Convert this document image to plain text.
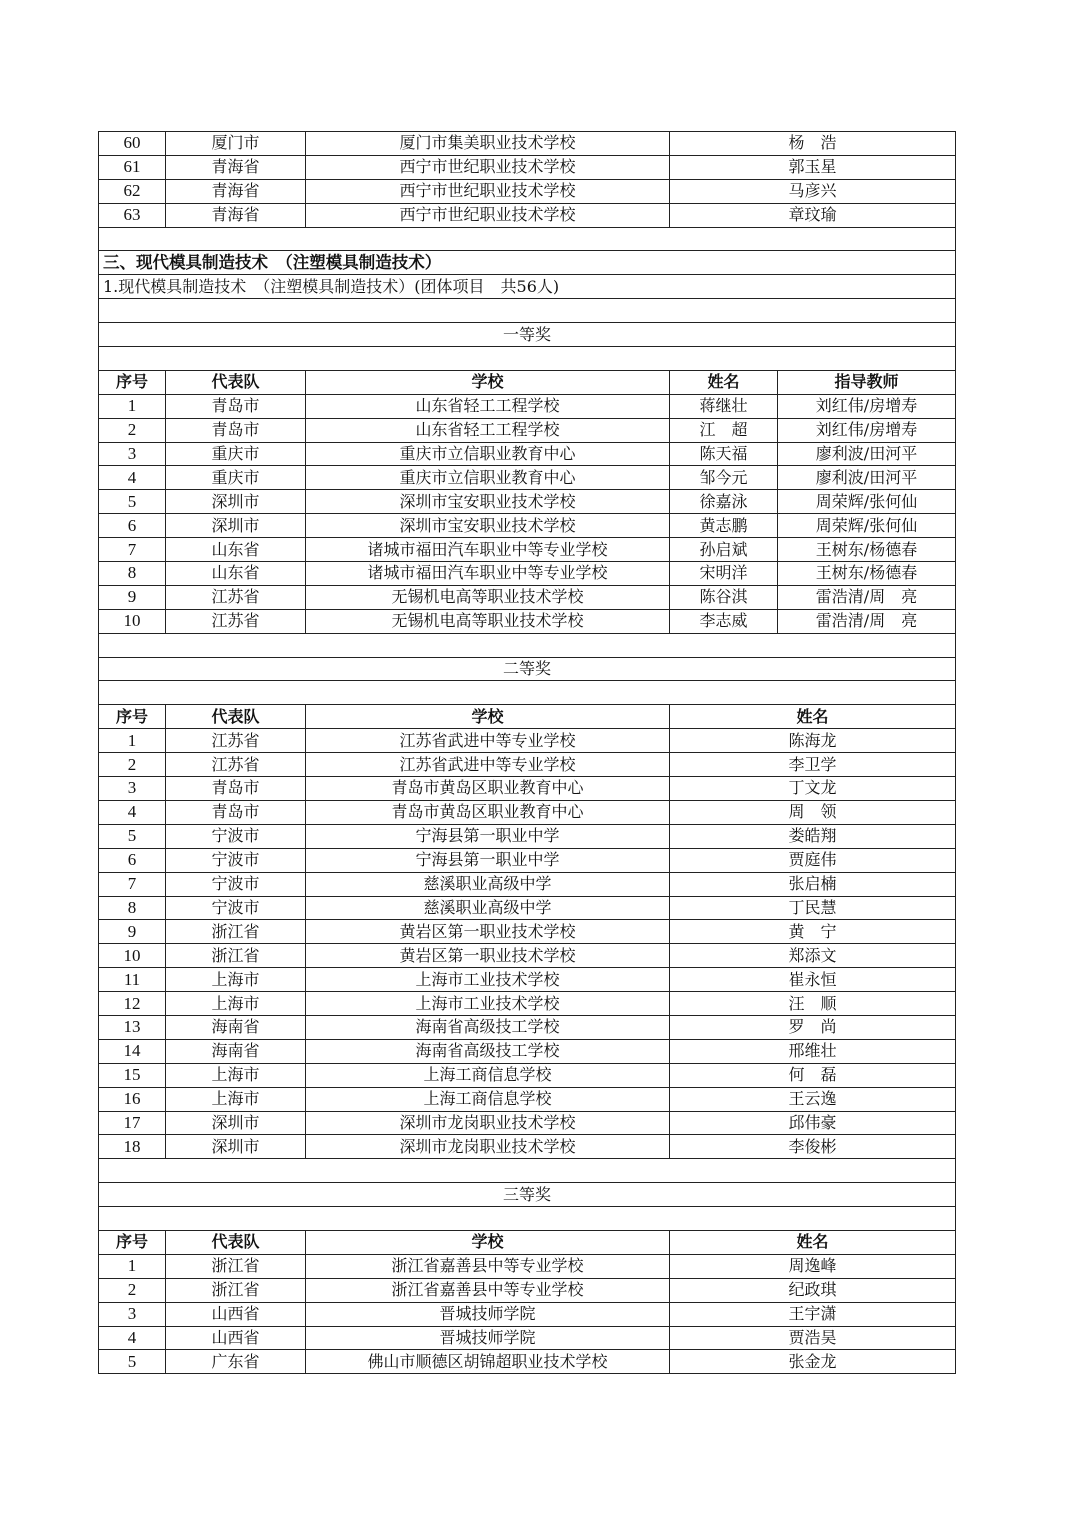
60	厦门市	厦门市集美职业技术学校	杨　浩	
61	青海省	西宁市世纪职业技术学校	郭玉星	
62	青海省	西宁市世纪职业技术学校	马彦兴	
63	青海省	西宁市世纪职业技术学校	章玟瑜	

三、现代模具制造技术　（注塑模具制造技术）				
1.现代模具制造技术　（注塑模具制造技术）(团体项目　共56人)				

一等奖				

序号	代表队	学校	姓名	指导教师
1	青岛市	山东省轻工工程学校	蒋继壮	刘红伟/房增寿
2	青岛市	山东省轻工工程学校	江　超	刘红伟/房增寿
3	重庆市	重庆市立信职业教育中心	陈天福	廖利波/田河平
4	重庆市	重庆市立信职业教育中心	邹今元	廖利波/田河平
5	深圳市	深圳市宝安职业技术学校	徐嘉泳	周荣辉/张何仙
6	深圳市	深圳市宝安职业技术学校	黄志鹏	周荣辉/张何仙
7	山东省	诸城市福田汽车职业中等专业学校	孙启斌	王树东/杨德春
8	山东省	诸城市福田汽车职业中等专业学校	宋明洋	王树东/杨德春
9	江苏省	无锡机电高等职业技术学校	陈谷淇	雷浩清/周　亮
10	江苏省	无锡机电高等职业技术学校	李志威	雷浩清/周　亮

二等奖				

序号	代表队	学校	姓名	
1	江苏省	江苏省武进中等专业学校	陈海龙	
2	江苏省	江苏省武进中等专业学校	李卫学	
3	青岛市	青岛市黄岛区职业教育中心	丁文龙	
4	青岛市	青岛市黄岛区职业教育中心	周　领	
5	宁波市	宁海县第一职业中学	娄皓翔	
6	宁波市	宁海县第一职业中学	贾庭伟	
7	宁波市	慈溪职业高级中学	张启楠	
8	宁波市	慈溪职业高级中学	丁民慧	
9	浙江省	黄岩区第一职业技术学校	黄　宁	
10	浙江省	黄岩区第一职业技术学校	郑添文	
11	上海市	上海市工业技术学校	崔永恒	
12	上海市	上海市工业技术学校	汪　顺	
13	海南省	海南省高级技工学校	罗　尚	
14	海南省	海南省高级技工学校	邢维壮	
15	上海市	上海工商信息学校	何　磊	
16	上海市	上海工商信息学校	王云逸	
17	深圳市	深圳市龙岗职业技术学校	邱伟豪	
18	深圳市	深圳市龙岗职业技术学校	李俊彬	

三等奖				

序号	代表队	学校	姓名	
1	浙江省	浙江省嘉善县中等专业学校	周逸峰	
2	浙江省	浙江省嘉善县中等专业学校	纪政琪	
3	山西省	晋城技师学院	王宇潇	
4	山西省	晋城技师学院	贾浩昊	
5	广东省	佛山市顺德区胡锦超职业技术学校	张金龙	
